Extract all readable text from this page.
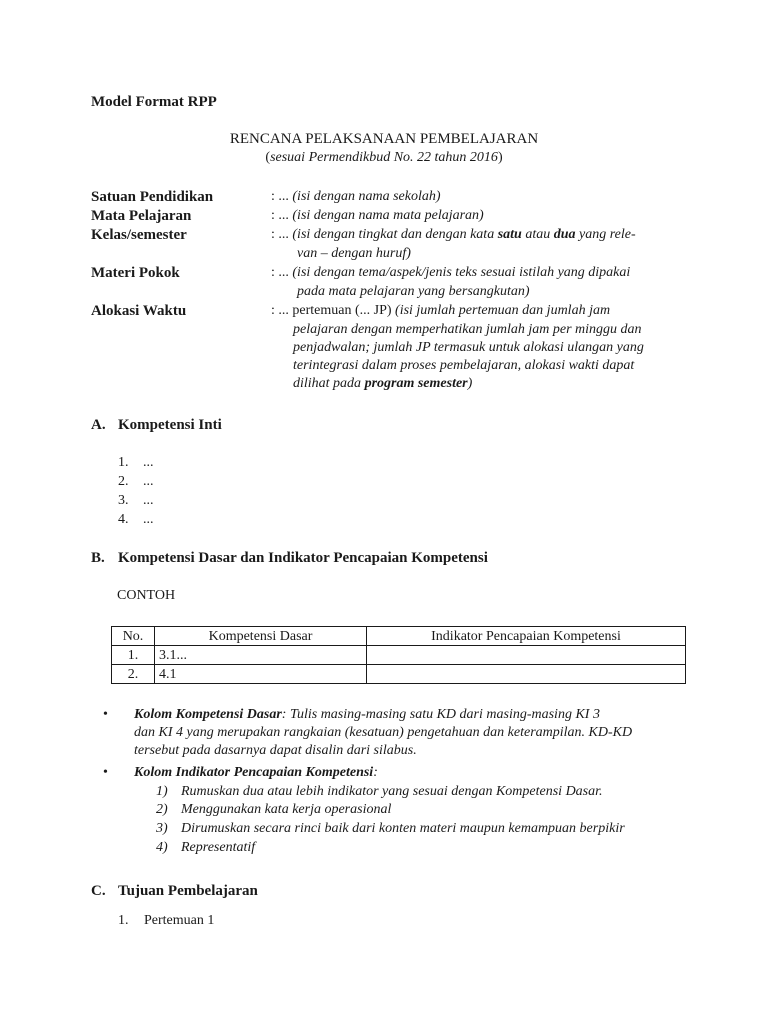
Model Format RPP
RENCANA PELAKSANAAN PEMBELAJARAN
(sesuai Permendikbud No. 22 tahun 2016)
Satuan Pendidikan	: ... (isi dengan nama sekolah)
Mata Pelajaran	: ... (isi dengan nama mata pelajaran)
Kelas/semester	: ... (isi dengan tingkat dan dengan kata satu atau dua yang rele-
van – dengan huruf)
Materi Pokok	: ... (isi dengan tema/aspek/jenis teks sesuai istilah yang dipakai
pada mata pelajaran yang bersangkutan)
Alokasi Waktu	: ... pertemuan (... JP) (isi jumlah pertemuan dan jumlah jam
pelajaran dengan memperhatikan jumlah jam per minggu dan
penjadwalan; jumlah JP termasuk untuk alokasi ulangan yang
terintegrasi dalam proses pembelajaran, alokasi wakti dapat
dilihat pada program semester)
A. Kompetensi Inti
1. ...
2. ...
3. ...
4. ...
B. Kompetensi Dasar dan Indikator Pencapaian Kompetensi
CONTOH
No.	Kompetensi Dasar	Indikator Pencapaian Kompetensi
1.	3.1...	
2.	4.1	
• Kolom Kompetensi Dasar: Tulis masing-masing satu KD dari masing-masing KI 3
dan KI 4 yang merupakan rangkaian (kesatuan) pengetahuan dan keterampilan. KD-KD
tersebut pada dasarnya dapat disalin dari silabus.
• Kolom Indikator Pencapaian Kompetensi:
1) Rumuskan dua atau lebih indikator yang sesuai dengan Kompetensi Dasar.
2) Menggunakan kata kerja operasional
3) Dirumuskan secara rinci baik dari konten materi maupun kemampuan berpikir
4) Representatif
C. Tujuan Pembelajaran
1. Pertemuan 1
